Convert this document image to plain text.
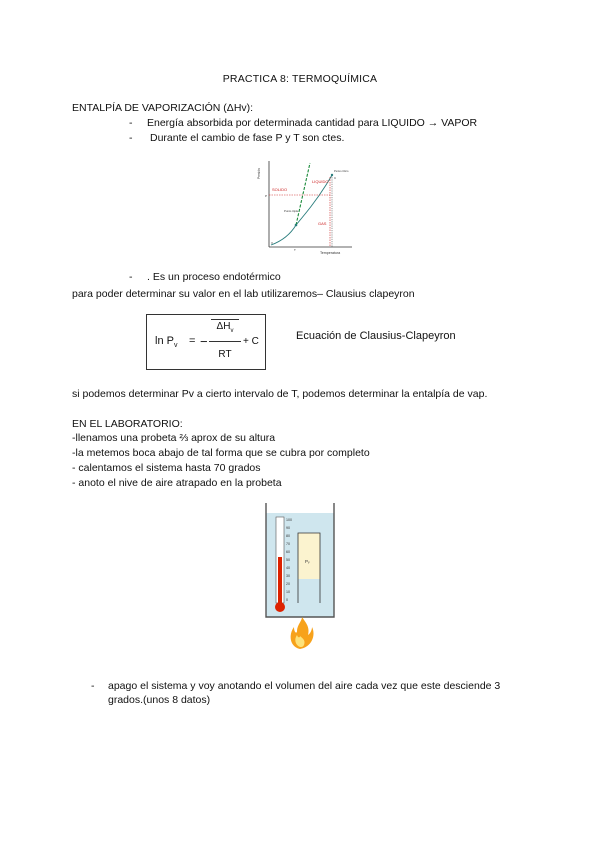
PRACTICA 8: TERMOQUÍMICA
ENTALPÍA DE VAPORIZACIÓN (ΔHv):
- Energía absorbida por determinada cantidad para LIQUIDO → VAPOR
- Durante el cambio de fase P y T son ctes.
Presión
Temperatura
SOLIDO
LIQUIDO
GAS
Punto triple
Punto crítico
C
P
T
V
- . Es un proceso endotérmico
para poder determinar su valor en el lab utilizaremos– Clausius clapeyron
$\ln P_v$ = −
$\Delta H_v$
RT
+ C	Ecuación de Clausius-Clapeyron
si podemos determinar Pv a cierto intervalo de T, podemos determinar la entalpía de vap.
EN EL LABORATORIO:
-llenamos una probeta ⅔ aprox de su altura
-la metemos boca abajo de tal forma que se cubra por completo
- calentamos el sistema hasta 70 grados
- anoto el nive de aire atrapado en la probeta
100
90
80
70
60
50
40
30
20
10
0
Pᵥ
- apago el sistema y voy anotando el volumen del aire cada vez que este desciende 3
grados.(unos 8 datos)
